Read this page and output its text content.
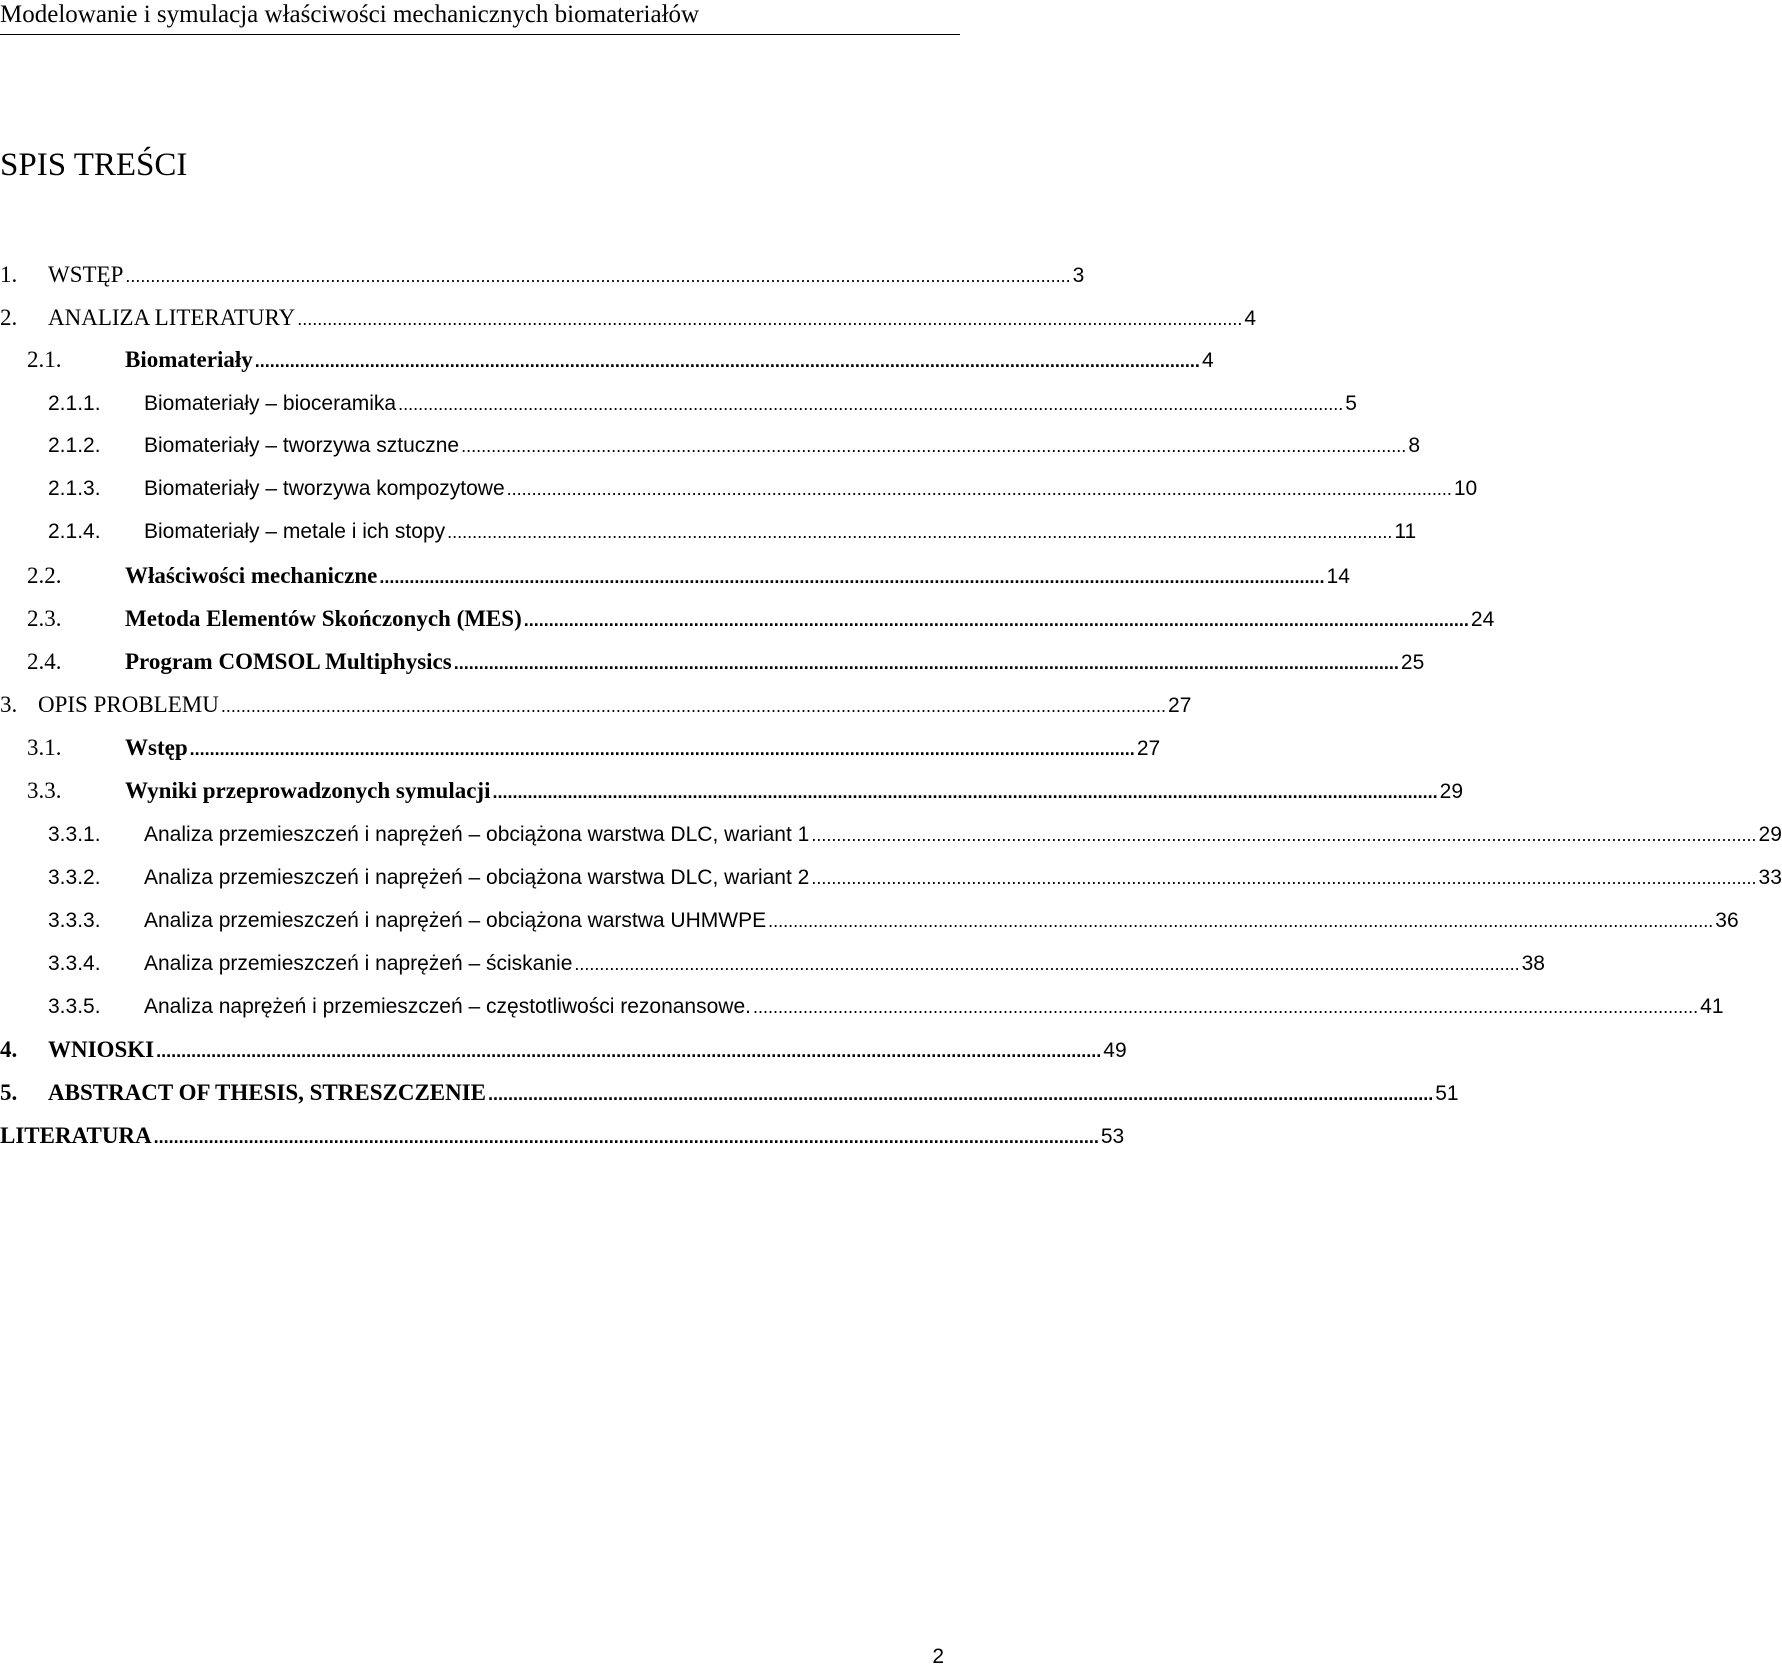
Modelowanie i symulacja właściwości mechanicznych biomateriałów
SPIS TREŚCI
1.	WSTĘP ............................................................................................................................................................................................. 3
2.	ANALIZA LITERATURY ............................................................................................................................................................................................. 4
2.1.	Biomateriały ............................................................................................................................................................................................. 4
2.1.1.	Biomateriały – bioceramika ............................................................................................................................................................................................. 5
2.1.2.	Biomateriały – tworzywa sztuczne ............................................................................................................................................................................................. 8
2.1.3.	Biomateriały – tworzywa kompozytowe ............................................................................................................................................................................................. 10
2.1.4.	Biomateriały – metale i ich stopy ............................................................................................................................................................................................. 11
2.2.	Właściwości mechaniczne ............................................................................................................................................................................................. 14
2.3.	Metoda Elementów Skończonych (MES) ............................................................................................................................................................................................. 24
2.4.	Program COMSOL Multiphysics ............................................................................................................................................................................................. 25
3. OPIS PROBLEMU ............................................................................................................................................................................................. 27
3.1.	Wstęp ............................................................................................................................................................................................. 27
3.3.	Wyniki przeprowadzonych symulacji ............................................................................................................................................................................................. 29
3.3.1.	Analiza przemieszczeń i naprężeń – obciążona warstwa DLC, wariant 1 ............................................................................................................................................................................................. 29
3.3.2.	Analiza przemieszczeń i naprężeń – obciążona warstwa DLC, wariant 2 ............................................................................................................................................................................................. 33
3.3.3.	Analiza przemieszczeń i naprężeń – obciążona warstwa UHMWPE ............................................................................................................................................................................................. 36
3.3.4.	Analiza przemieszczeń i naprężeń – ściskanie ............................................................................................................................................................................................. 38
3.3.5.	Analiza naprężeń i przemieszczeń – częstotliwości rezonansowe. ............................................................................................................................................................................................. 41
4.	WNIOSKI ............................................................................................................................................................................................. 49
5.	ABSTRACT OF THESIS, STRESZCZENIE ............................................................................................................................................................................................. 51
LITERATURA ............................................................................................................................................................................................. 53
2
